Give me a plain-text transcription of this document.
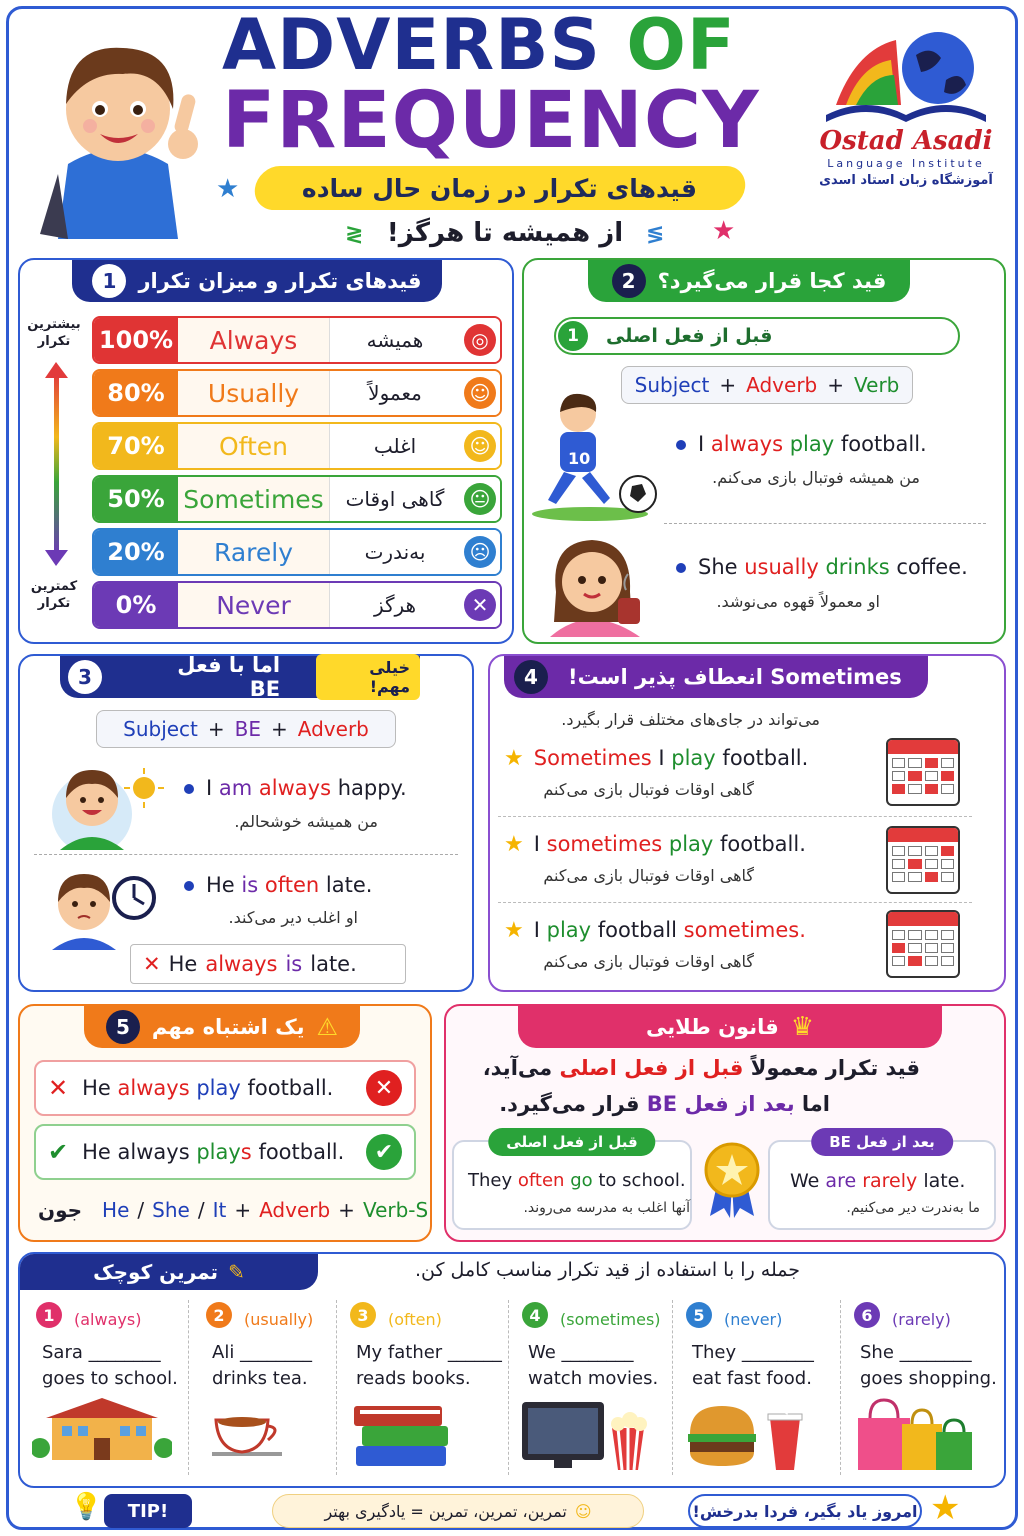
ADVERBS OF
FREQUENCY
قیدهای تکرار در زمان حال ساده
★
از همیشه تا هرگز!
≷	≶ ★
Ostad Asadi
Language Institute
آموزشگاه زبان استاد اسدی
1	قیدهای تکرار و میزان تکرار
بیشترین تکرار
کمترین تکرار
100%	Always	همیشه	◎
80%	Usually	معمولاً	☺
70%	Often	اغلب	☺
50% Sometimes	گاهی اوقات	😐
20%	Rarely	به‌ندرت	☹
0%	Never	هرگز	✕
2	قید کجا قرار می‌گیرد؟
1	قبل از فعل اصلی
Subject + Adverb + Verb
10
I always play football.
من همیشه فوتبال بازی می‌کنم.
She usually drinks coffee.
او معمولاً قهوه می‌نوشد.
3	اما با فعل BE
خیلی مهم!
Subject + BE + Adverb
I am always happy.
من همیشه خوشحالم.
He is often late.
او اغلب دیر می‌کند.
✕ He always is late.
4	Sometimes انعطاف پذیر است!
می‌تواند در جای‌های مختلف قرار بگیرد.
★ Sometimes I play football.
گاهی اوقات فوتبال بازی می‌کنم
★ I sometimes play football.
گاهی اوقات فوتبال بازی می‌کنم
★ I play football sometimes.
گاهی اوقات فوتبال بازی می‌کنم
5	یک اشتباه مهم ⚠
✕ He always play football.	✕
✔ He always plays football.	✔
جون He / She / It + Adverb + Verb-S
قانون طلایی ♛
قید تکرار معمولاً قبل از فعل اصلی می‌آید،
اما بعد از فعل BE قرار می‌گیرد.
قبل از فعل اصلی
They often go to school.
آنها اغلب به مدرسه می‌روند.
بعد از فعل BE
We are rarely late.
ما به‌ندرت دیر می‌کنیم.
تمرین کوچک ✎	جمله را با استفاده از قید تکرار مناسب کامل کن.
1	(always)
Sara ________
goes to school.
2	(usually)
Ali ________
drinks tea.
3	(often)
My father ______
reads books.
4	(sometimes)
We ________
watch movies.
5	(never)
They ________
eat fast food.
6	(rarely)
She ________
goes shopping.
💡	TIP!	☺
تمرین، تمرین، تمرین = یادگیری بهتر	امروز یاد بگیر، فردا بدرخش! ★
